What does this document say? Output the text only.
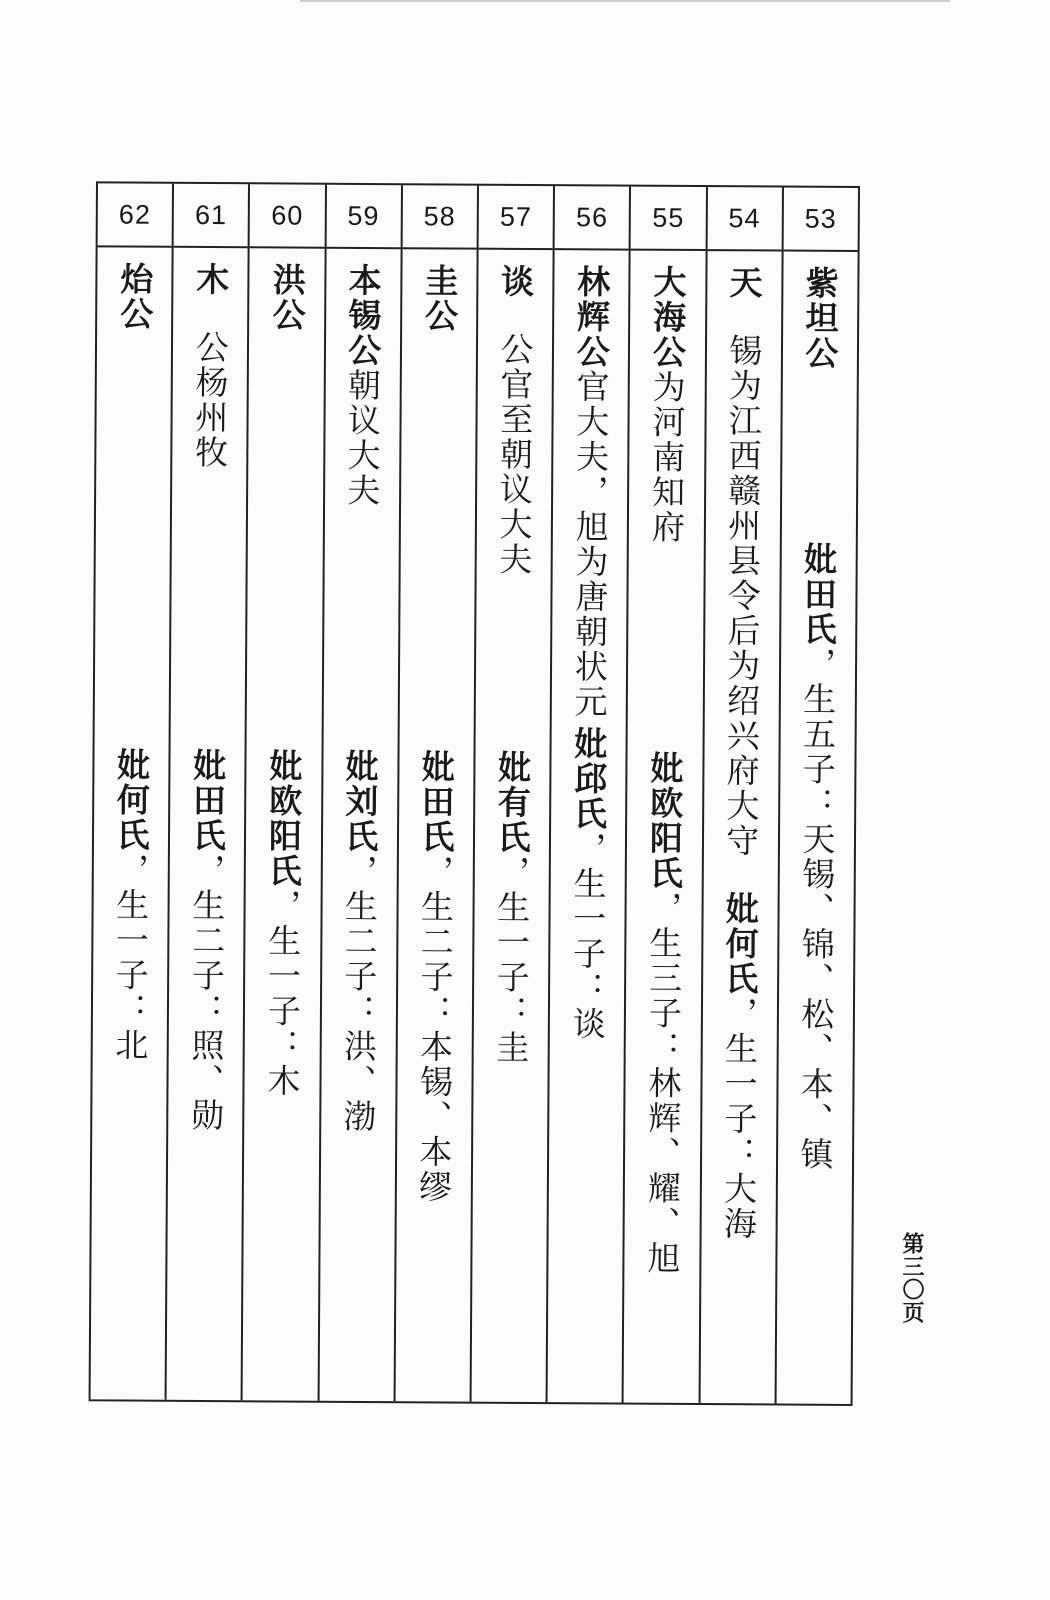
53
紫坦公
妣田氏，生五子：天锡、锦、松、本、镇
54
天
锡为江西赣州县令后为绍兴府大守
妣何氏，生一子：大海
55
大海公为河南知府
妣欧阳氏，生三子：林辉、耀、旭
56
林辉公官大夫，旭为唐朝状元
妣邱氏，生一子：谈
57
谈
公官至朝议大夫
妣有氏，生一子：圭
58
圭公
妣田氏，生二子：本锡、本缪
59
本锡公朝议大夫
妣刘氏，生二子：洪、渤
60
洪公
妣欧阳氏，生一子：木
61
木
公杨州牧
妣田氏，生二子：照、勋
62
炲公
妣何氏，生一子：北
第三〇页
